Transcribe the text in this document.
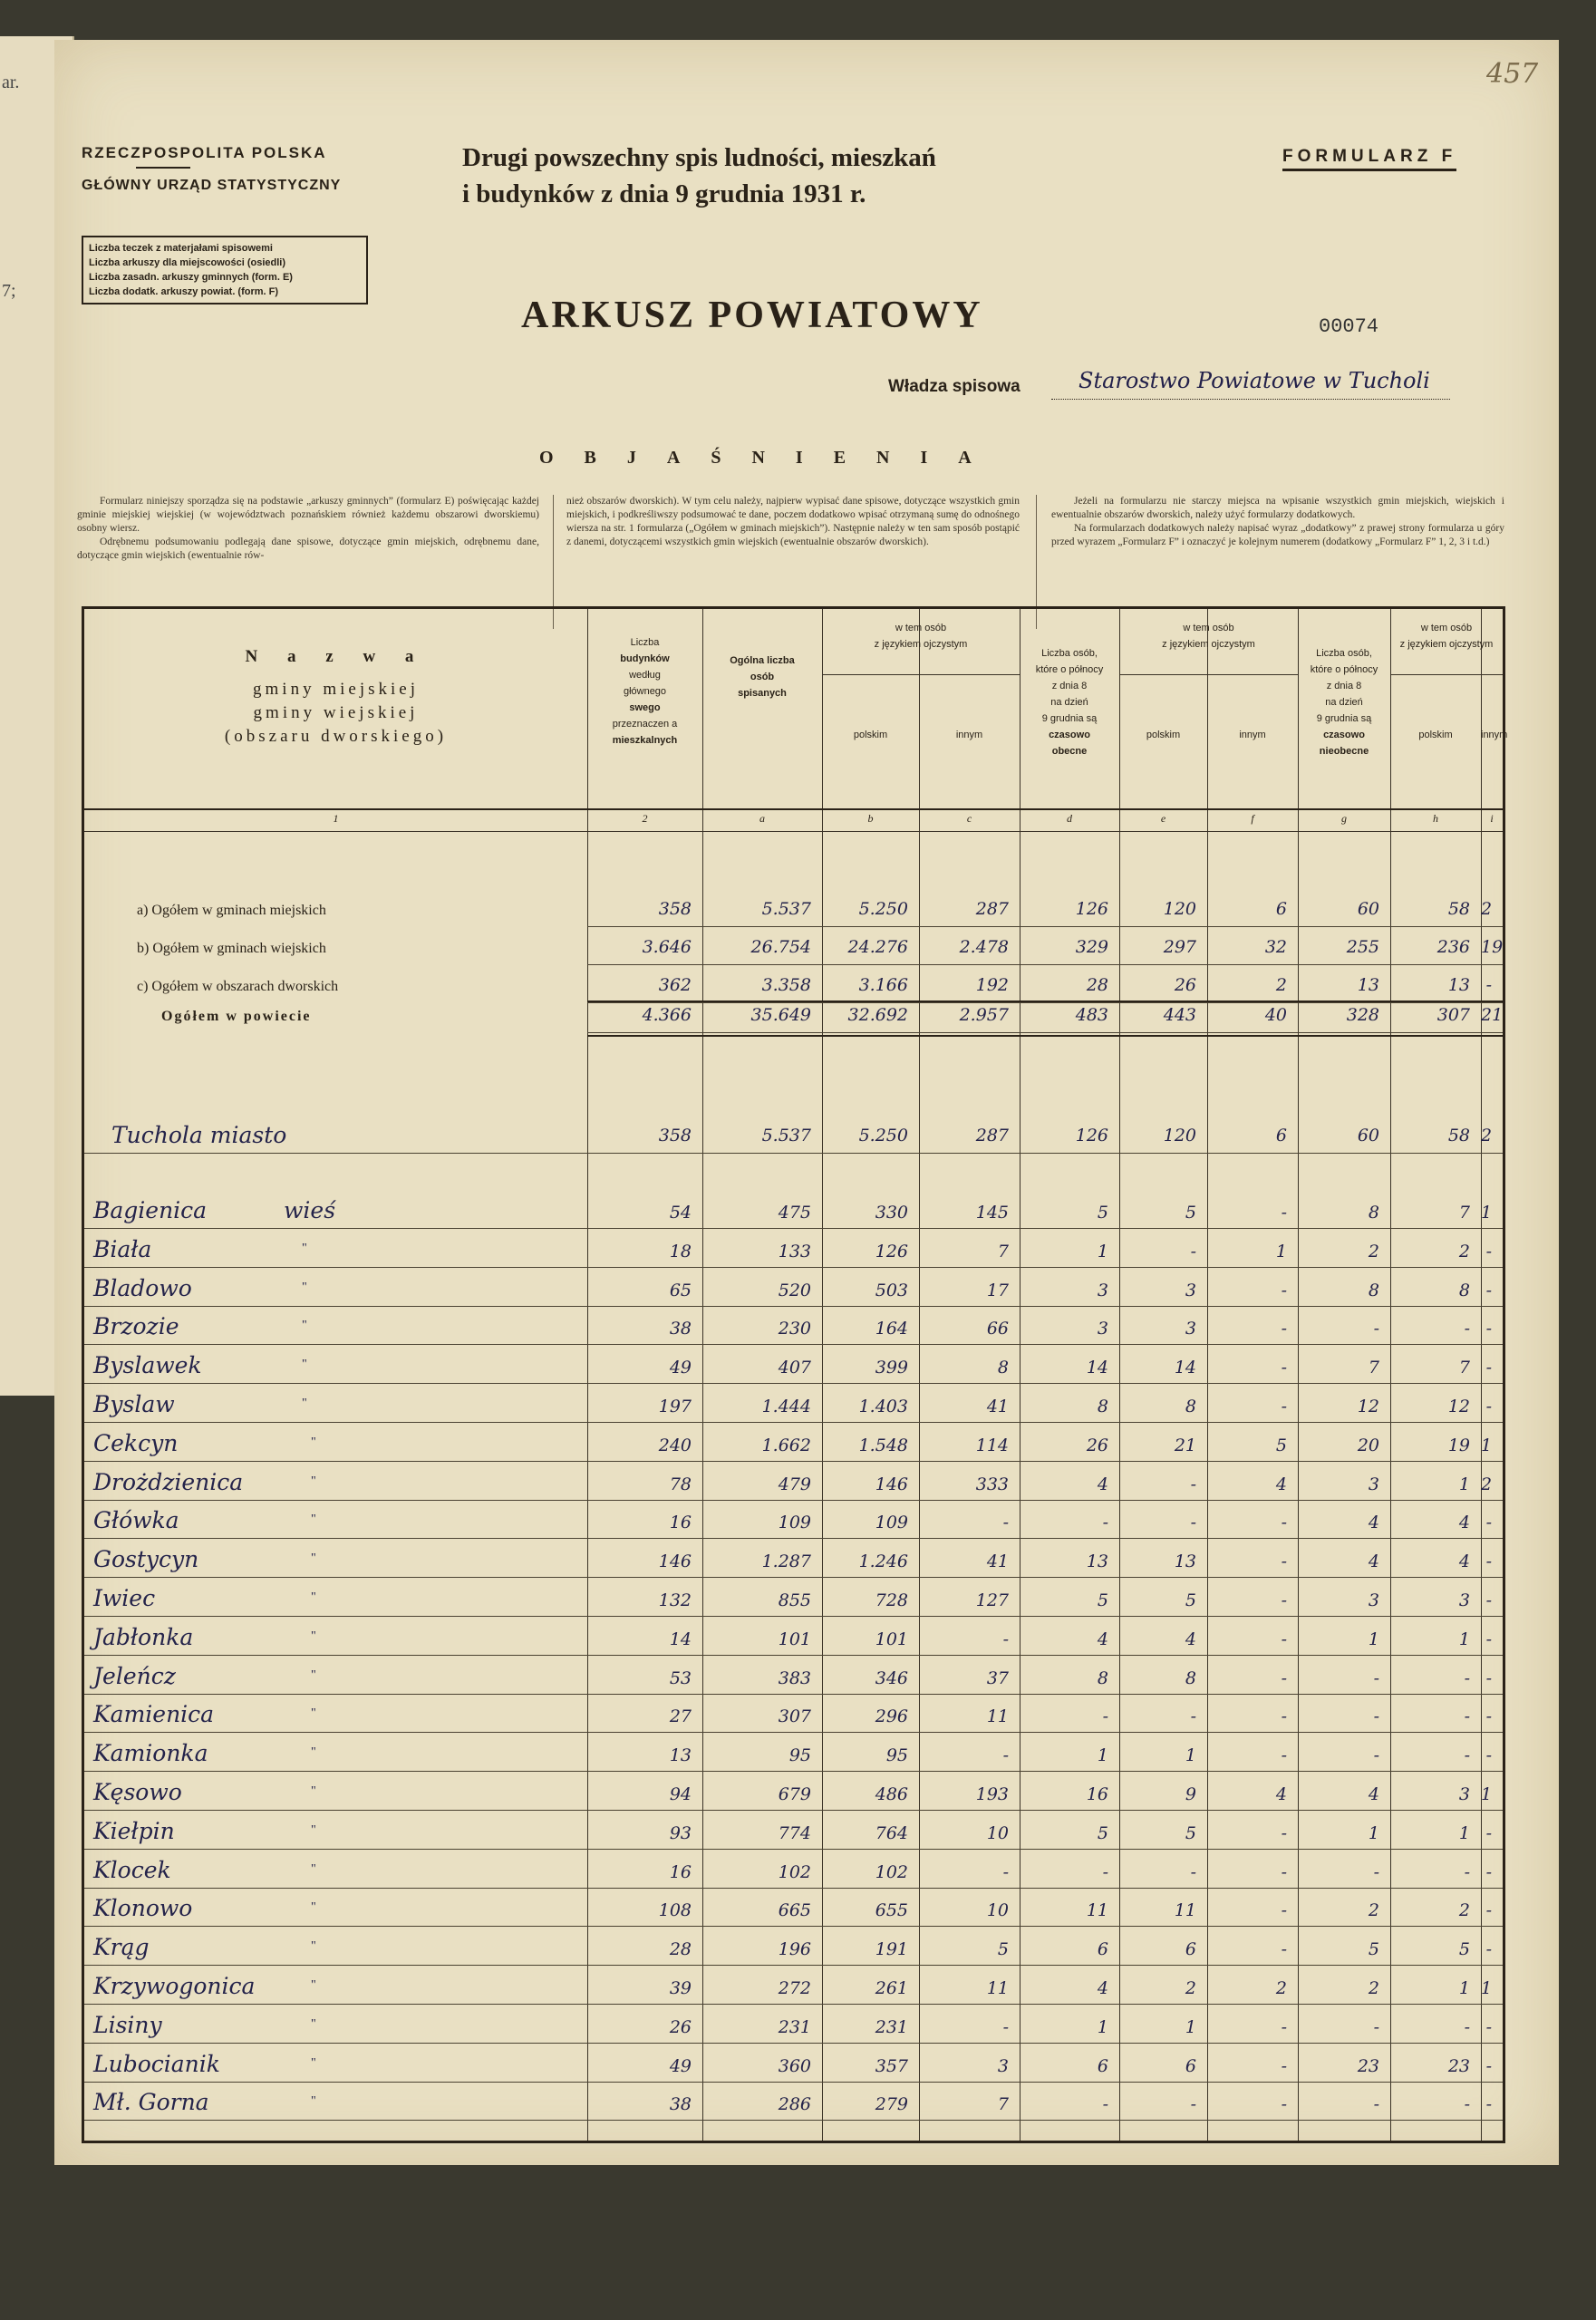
ar.
7;
RZECZPOSPOLITA POLSKA
GŁÓWNY URZĄD STATYSTYCZNY
Drugi powszechny spis ludności, mieszkań
i budynków z dnia 9 grudnia 1931 r.
FORMULARZ F
457
Liczba teczek z materjałami spisowemi
Liczba arkuszy dla miejscowości (osiedli)
Liczba zasadn. arkuszy gminnych (form. E)
Liczba dodatk. arkuszy powiat. (form. F)
ARKUSZ POWIATOWY	00074
Władza spisowa	Starostwo Powiatowe w Tucholi
OBJAŚNIENIA

Formularz niniejszy sporządza się na podstawie „arkuszy gminnych” (formularz E) poświęcając każdej gminie miejskiej wiejskiej (w województwach poznańskiem również każdemu obszarowi dworskiemu) osobny wiersz.

Odrębnemu podsumowaniu podlegają dane spisowe, dotyczące gmin miejskich, odrębnemu dane, dotyczące gmin wiejskich (ewentualnie rów-

nież obszarów dworskich). W tym celu należy, najpierw wypisać dane spisowe, dotyczące wszystkich gmin miejskich, i podkreśliwszy podsumować te dane, poczem dodatkowo wpisać otrzymaną sumę do odnośnego wiersza na str. 1 formularza („Ogółem w gminach miejskich”). Następnie należy w ten sam sposób postąpić z danemi, dotyczącemi wszystkich gmin wiejskich (ewentualnie obszarów dworskich).

Jeżeli na formularzu nie starczy miejsca na wpisanie wszystkich gmin miejskich, wiejskich i ewentualnie obszarów dworskich, należy użyć formularzy dodatkowych.

Na formularzach dodatkowych należy napisać wyraz „dodatkowy” z prawej strony formularza u góry przed wyrazem „Formularz F” i oznaczyć je kolejnym numerem (dodatkowy „Formularz F” 1, 2, 3 i t.d.)

N a z w a
gminy miejskiej
gminy wiejskiej
(obszaru dworskiego)
Liczba
budynków
według
głównego
swego
przeznaczen a
mieszkalnych
Ogólna liczba
osób
spisanych
w tem osób
z językiem ojczystym
Liczba osób,
które o północy
z dnia 8
na dzień
9 grudnia są
czasowo
obecne
w tem osób
z językiem ojczystym
Liczba osób,
które o północy
z dnia 8
na dzień
9 grudnia są
czasowo
nieobecne
w tem osób
z językiem ojczystym
polskim	innym	polskim	innym	polskim	innym
1	2	a	b	c	d	e	f	g	h	i
a) Ogółem w gminach miejskich	358	5.537	5.250	287	126	120	6	60	58 2
b) Ogółem w gminach wiejskich	3.646	26.754	24.276	2.478	329	297	32	255	236 19
c) Ogółem w obszarach dworskich	362	3.358	3.166	192	28	26	2	13	13 -
Ogółem w powiecie	4.366	35.649	32.692	2.957	483	443	40	328	307 21
Tuchola miasto	358	5.537	5.250	287	126	120	6	60	58 2
Bagienica	wieś	54	475	330	145	5	5	-	8	7 1
Biała	"	18	133	126	7	1	-	1	2	2 -
Bladowo	"	65	520	503	17	3	3	-	8	8 -
Brzozie	"	38	230	164	66	3	3	-	-	- -
Byslawek	"	49	407	399	8	14	14	-	7	7 -
Byslaw	"	197	1.444	1.403	41	8	8	-	12	12 -
Cekcyn	"	240	1.662	1.548	114	26	21	5	20	19 1
Drożdzienica	"	78	479	146	333	4	-	4	3	1 2
Główka	"	16	109	109	-	-	-	-	4	4 -
Gostycyn	"	146	1.287	1.246	41	13	13	-	4	4 -
Iwiec	"	132	855	728	127	5	5	-	3	3 -
Jabłonka	"	14	101	101	-	4	4	-	1	1 -
Jeleńcz	"	53	383	346	37	8	8	-	-	- -
Kamienica	"	27	307	296	11	-	-	-	-	- -
Kamionka	"	13	95	95	-	1	1	-	-	- -
Kęsowo	"	94	679	486	193	16	9	4	4	3 1
Kiełpin	"	93	774	764	10	5	5	-	1	1 -
Klocek	"	16	102	102	-	-	-	-	-	- -
Klonowo	"	108	665	655	10	11	11	-	2	2 -
Krąg	"	28	196	191	5	6	6	-	5	5 -
Krzywogonica	"	39	272	261	11	4	2	2	2	1 1
Lisiny	"	26	231	231	-	1	1	-	-	- -
Lubocianik	"	49	360	357	3	6	6	-	23	23 -
Mł. Gorna	"	38	286	279	7	-	-	-	-	- -
